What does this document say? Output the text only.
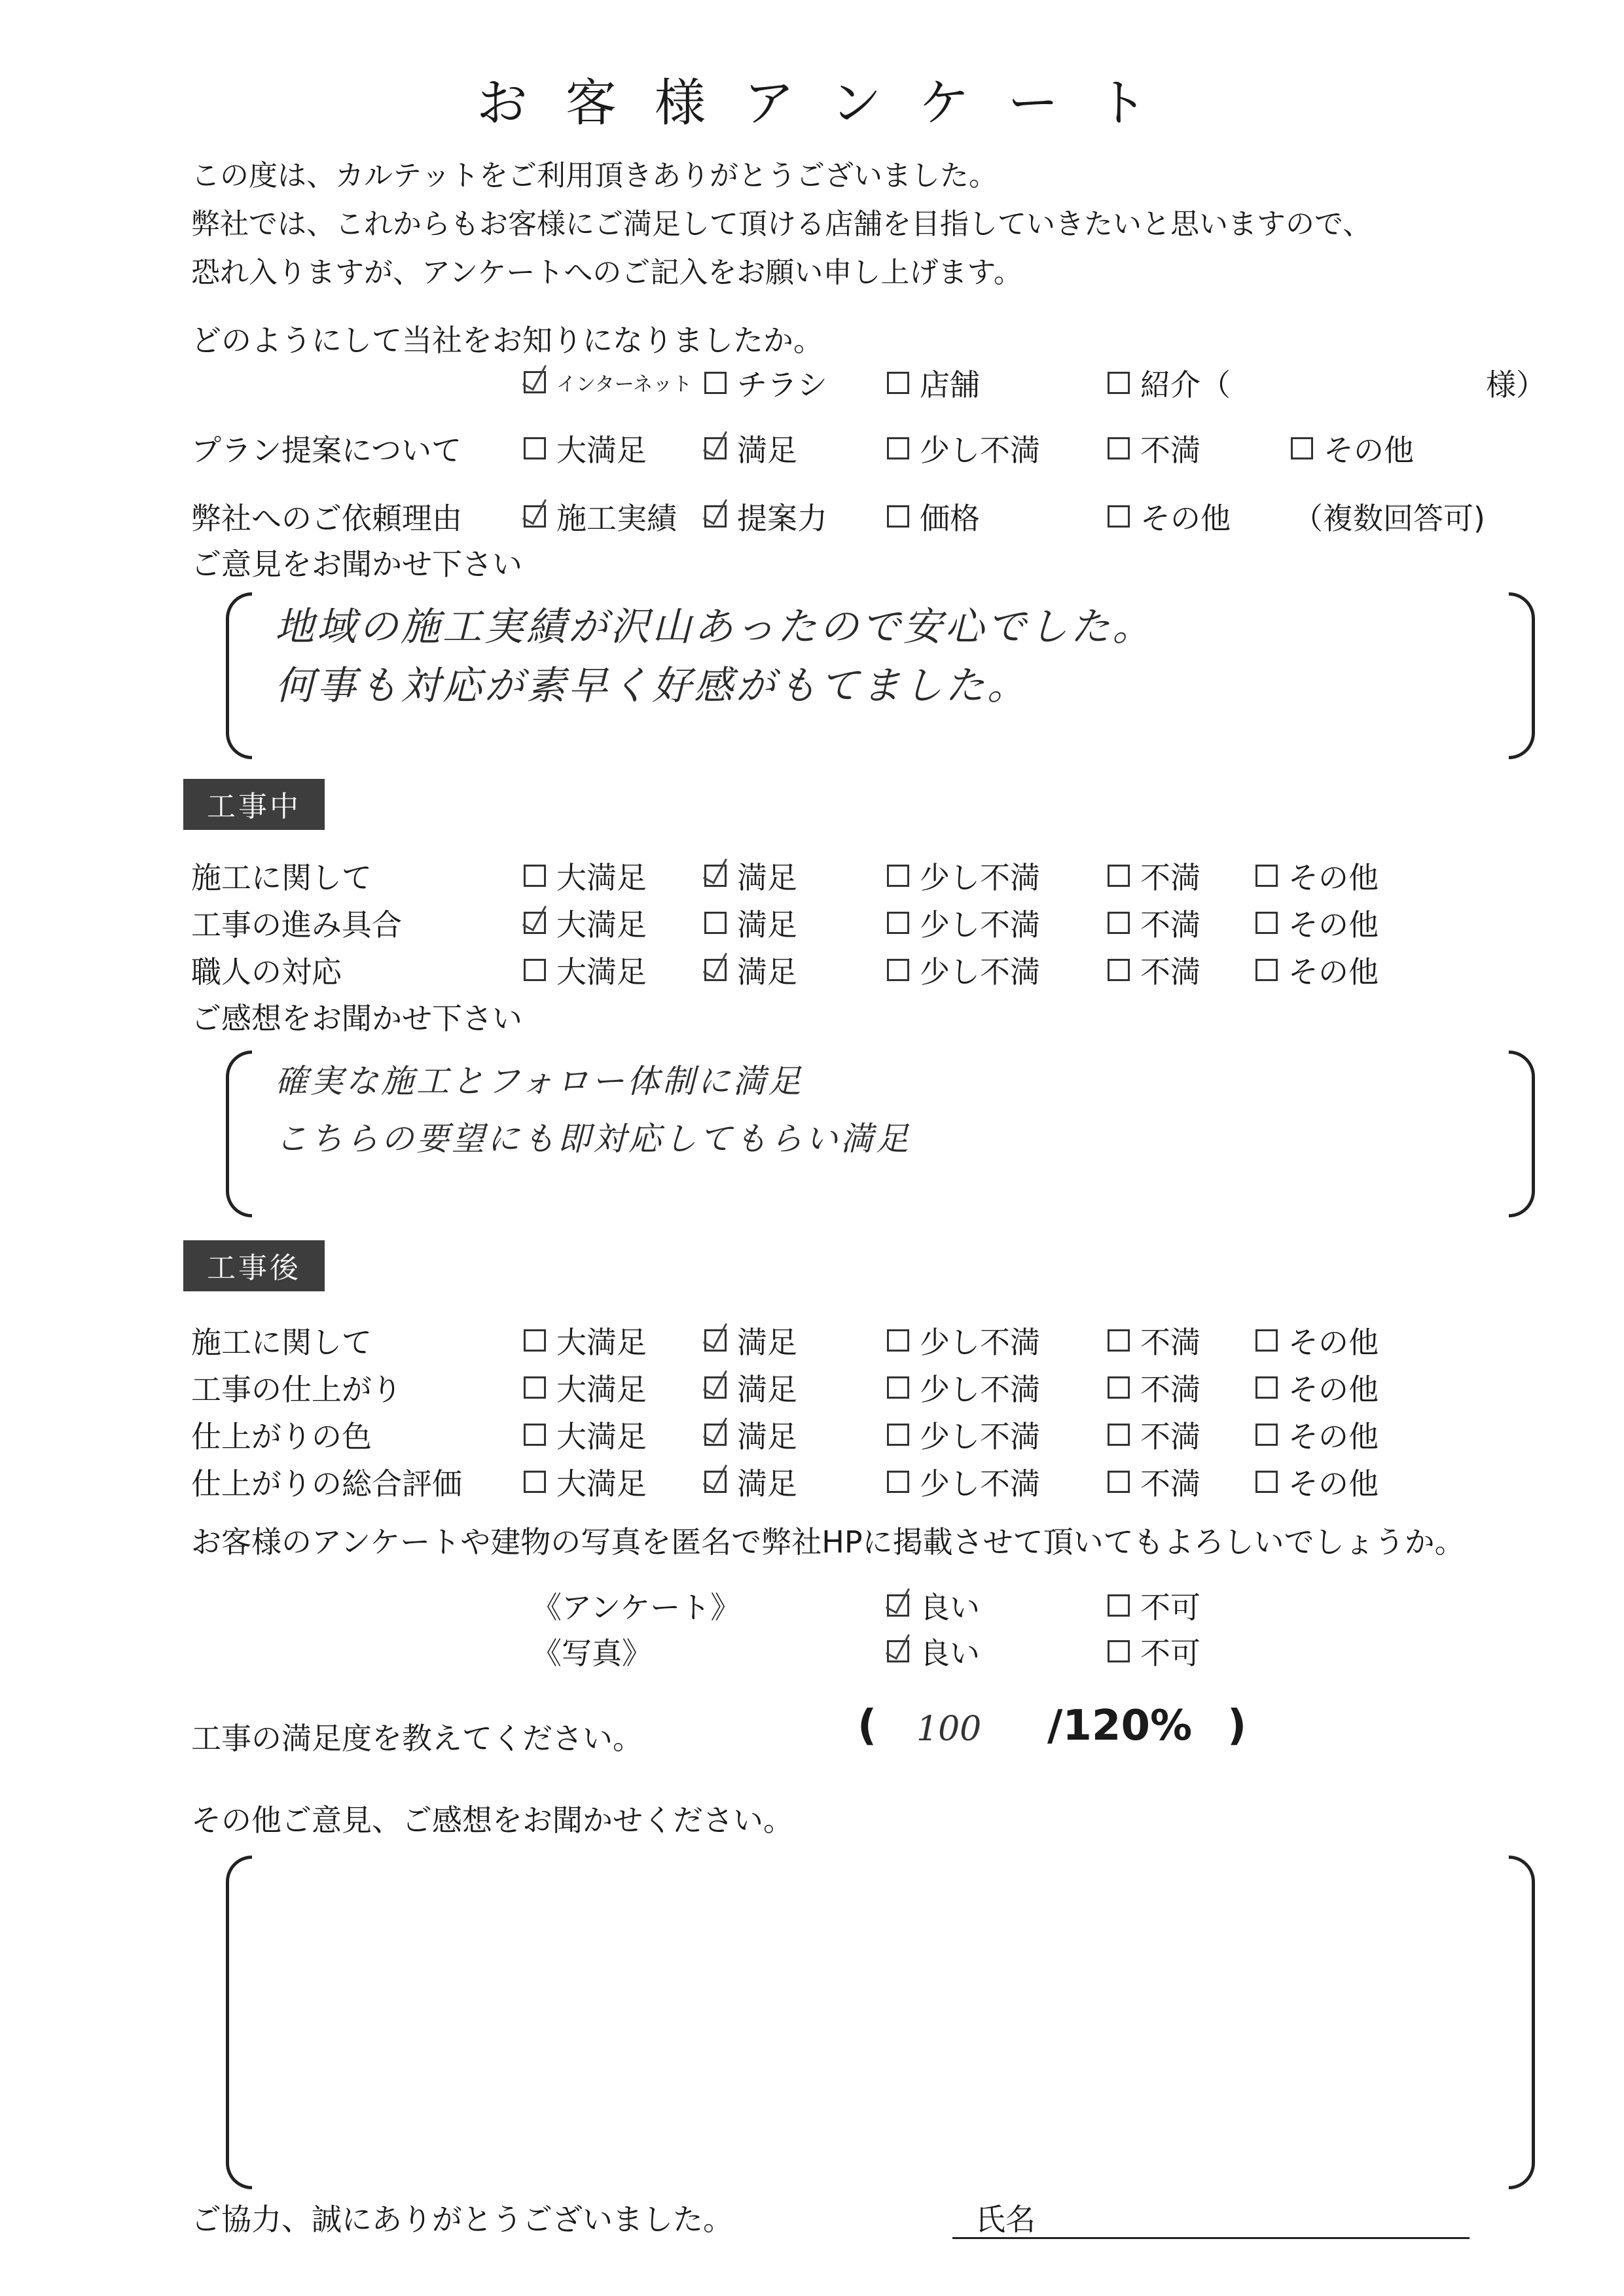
お客様アンケート
この度は、カルテットをご利用頂きありがとうございました。
弊社では、これからもお客様にご満足して頂ける店舗を目指していきたいと思いますので、
恐れ入りますが、アンケートへのご記入をお願い申し上げます。
どのようにして当社をお知りになりましたか。
インターネット チラシ	店舗	紹介（	様）
プラン提案について	大満足	満足	少し不満	不満	その他
弊社へのご依頼理由	施工実績 提案力	価格	その他 （複数回答可)
ご意見をお聞かせ下さい
地域の施工実績が沢山あったので安心でした。
何事も対応が素早く好感がもてました。
工事中
施工に関して	大満足	満足	少し不満	不満	その他
工事の進み具合	大満足	満足	少し不満	不満	その他
職人の対応	大満足	満足	少し不満	不満	その他
ご感想をお聞かせ下さい
確実な施工とフォロー体制に満足
こちらの要望にも即対応してもらい満足
工事後
施工に関して	大満足	満足	少し不満	不満	その他
工事の仕上がり	大満足	満足	少し不満	不満	その他
仕上がりの色	大満足	満足	少し不満	不満	その他
仕上がりの総合評価	大満足	満足	少し不満	不満	その他
お客様のアンケートや建物の写真を匿名で弊社HPに掲載させて頂いてもよろしいでしょうか。
《アンケート》	良い	不可
《写真》	良い	不可
工事の満足度を教えてください。	( 100 /120% )
その他ご意見、ご感想をお聞かせください。
ご協力、誠にありがとうございました。	氏名
